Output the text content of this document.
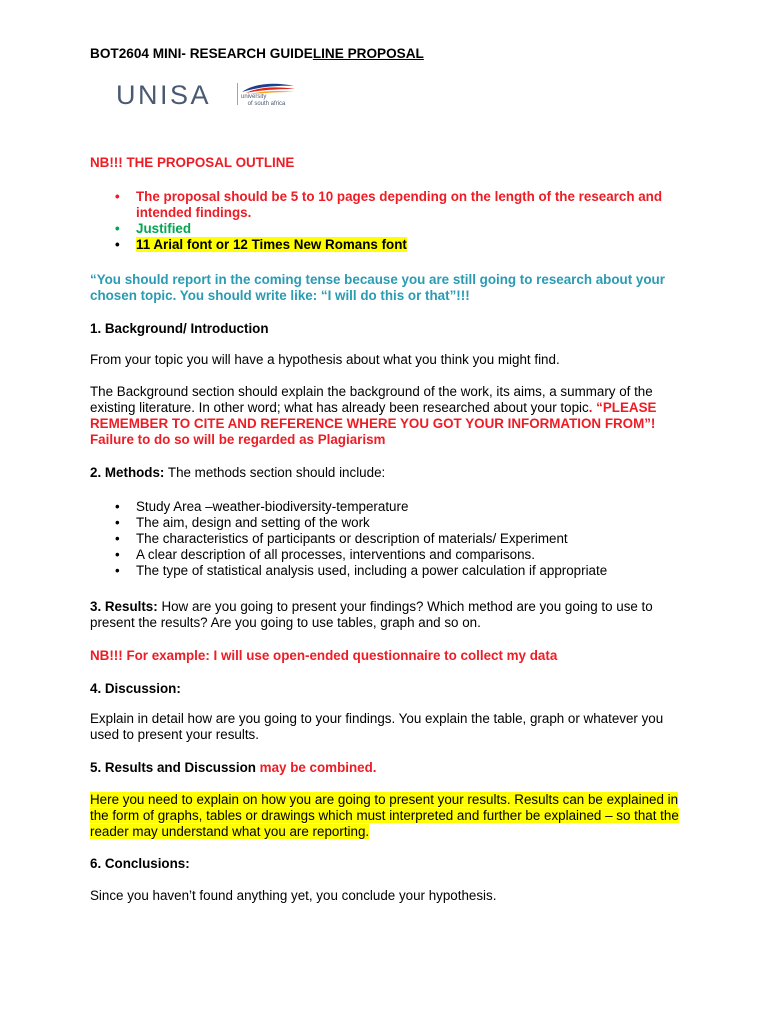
BOT2604 MINI- RESEARCH GUIDELINE PROPOSAL

UNISA	university
of south africa

NB!!! THE PROPOSAL OUTLINE

• The proposal should be 5 to 10 pages depending on the length of the research and intended findings.
• Justified
• 11 Arial font or 12 Times New Romans font

“You should report in the coming tense because you are still going to research about your chosen topic. You should write like: “I will do this or that”!!!

1. Background/ Introduction

From your topic you will have a hypothesis about what you think you might find.

The Background section should explain the background of the work, its aims, a summary of the existing literature. In other word; what has already been researched about your topic. “PLEASE REMEMBER TO CITE AND REFERENCE WHERE YOU GOT YOUR INFORMATION FROM”! Failure to do so will be regarded as Plagiarism

2. Methods: The methods section should include:

• Study Area –weather-biodiversity-temperature
• The aim, design and setting of the work
• The characteristics of participants or description of materials/ Experiment
• A clear description of all processes, interventions and comparisons.
• The type of statistical analysis used, including a power calculation if appropriate

3. Results: How are you going to present your findings? Which method are you going to use to present the results? Are you going to use tables, graph and so on.

NB!!! For example: I will use open-ended questionnaire to collect my data

4. Discussion:

Explain in detail how are you going to your findings. You explain the table, graph or whatever you used to present your results.

5. Results and Discussion may be combined.

Here you need to explain on how you are going to present your results. Results can be explained in the form of graphs, tables or drawings which must interpreted and further be explained – so that the reader may understand what you are reporting.

6. Conclusions:

Since you haven’t found anything yet, you conclude your hypothesis.
